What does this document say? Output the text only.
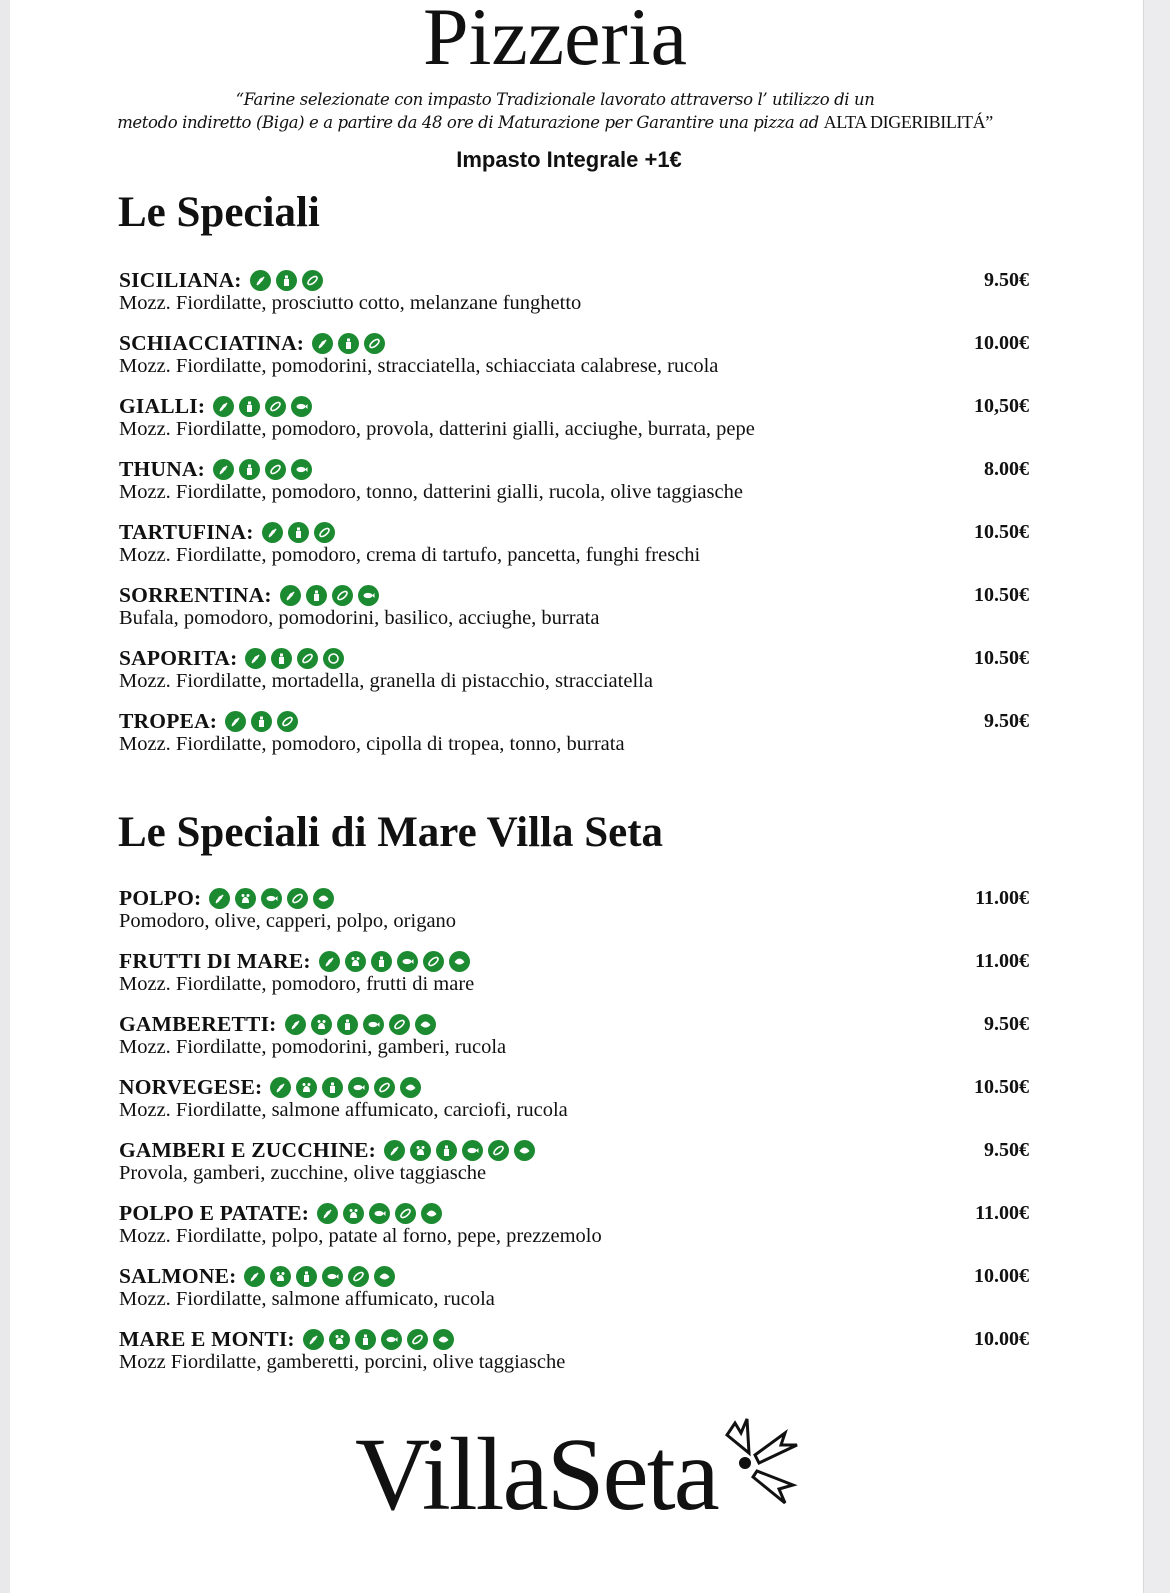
Pizzeria
“Farine selezionate con impasto Tradizionale lavorato attraverso l’ utilizzo di un
metodo indiretto (Biga) e a partire da 48 ore di Maturazione per Garantire una pizza ad ALTA DIGERIBILITÁ”
Impasto Integrale +1€
Le Speciali
SICILIANA:
Mozz. Fiordilatte, prosciutto cotto, melanzane funghetto
9.50€
SCHIACCIATINA:
Mozz. Fiordilatte, pomodorini, stracciatella, schiacciata calabrese, rucola
10.00€
GIALLI:
Mozz. Fiordilatte, pomodoro, provola, datterini gialli, acciughe, burrata, pepe
10,50€
THUNA:
Mozz. Fiordilatte, pomodoro, tonno, datterini gialli, rucola, olive taggiasche
8.00€
TARTUFINA:
Mozz. Fiordilatte, pomodoro, crema di tartufo, pancetta, funghi freschi
10.50€
SORRENTINA:
Bufala, pomodoro, pomodorini, basilico, acciughe, burrata
10.50€
SAPORITA:
Mozz. Fiordilatte, mortadella, granella di pistacchio, stracciatella
10.50€
TROPEA:
Mozz. Fiordilatte, pomodoro, cipolla di tropea, tonno, burrata
9.50€
Le Speciali di Mare Villa Seta
POLPO:
Pomodoro, olive, capperi, polpo, origano
11.00€
FRUTTI DI MARE:
Mozz. Fiordilatte, pomodoro, frutti di mare
11.00€
GAMBERETTI:
Mozz. Fiordilatte, pomodorini, gamberi, rucola
9.50€
NORVEGESE:
Mozz. Fiordilatte, salmone affumicato, carciofi, rucola
10.50€
GAMBERI E ZUCCHINE:
Provola, gamberi, zucchine, olive taggiasche
9.50€
POLPO E PATATE:
Mozz. Fiordilatte, polpo, patate al forno, pepe, prezzemolo
11.00€
SALMONE:
Mozz. Fiordilatte, salmone affumicato, rucola
10.00€
MARE E MONTI:
Mozz Fiordilatte, gamberetti, porcini, olive taggiasche
10.00€
VillaSeta
